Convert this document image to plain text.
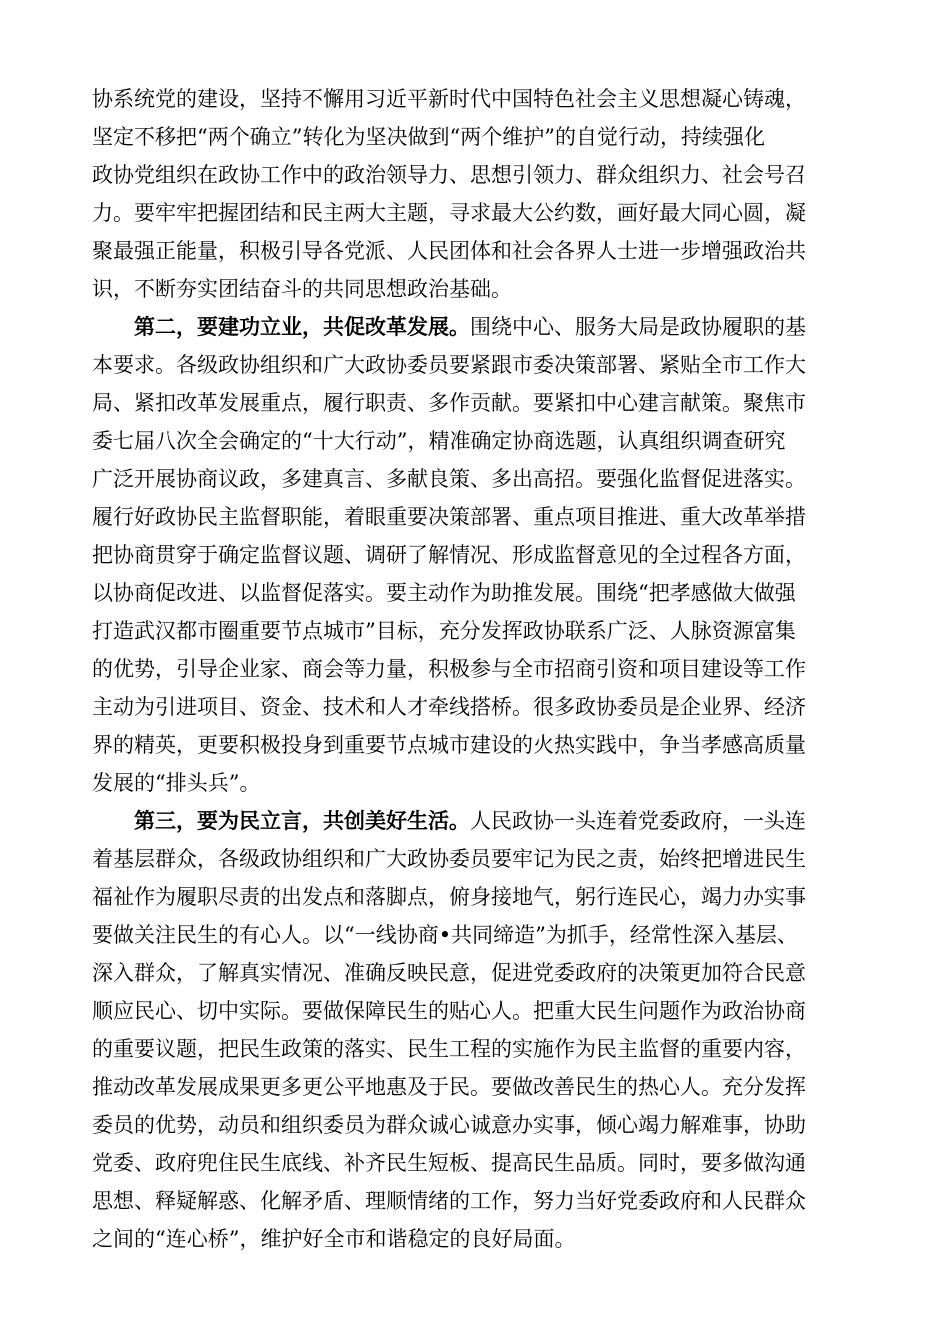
协系统党的建设，坚持不懈用习近平新时代中国特色社会主义思想凝心铸魂，
坚定不移把“两个确立”转化为坚决做到“两个维护”的自觉行动，持续强化
政协党组织在政协工作中的政治领导力、思想引领力、群众组织力、社会号召
力。要牢牢把握团结和民主两大主题，寻求最大公约数，画好最大同心圆，凝
聚最强正能量，积极引导各党派、人民团体和社会各界人士进一步增强政治共
识，不断夯实团结奋斗的共同思想政治基础。
第二，要建功立业，共促改革发展。围绕中心、服务大局是政协履职的基
本要求。各级政协组织和广大政协委员要紧跟市委决策部署、紧贴全市工作大
局、紧扣改革发展重点，履行职责、多作贡献。要紧扣中心建言献策。聚焦市
委七届八次全会确定的“十大行动”，精准确定协商选题，认真组织调查研究
广泛开展协商议政，多建真言、多献良策、多出高招。要强化监督促进落实。
履行好政协民主监督职能，着眼重要决策部署、重点项目推进、重大改革举措
把协商贯穿于确定监督议题、调研了解情况、形成监督意见的全过程各方面，
以协商促改进、以监督促落实。要主动作为助推发展。围绕“把孝感做大做强
打造武汉都市圈重要节点城市”目标，充分发挥政协联系广泛、人脉资源富集
的优势，引导企业家、商会等力量，积极参与全市招商引资和项目建设等工作
主动为引进项目、资金、技术和人才牵线搭桥。很多政协委员是企业界、经济
界的精英，更要积极投身到重要节点城市建设的火热实践中，争当孝感高质量
发展的“排头兵”。
第三，要为民立言，共创美好生活。人民政协一头连着党委政府，一头连
着基层群众，各级政协组织和广大政协委员要牢记为民之责，始终把增进民生
福祉作为履职尽责的出发点和落脚点，俯身接地气，躬行连民心，竭力办实事
要做关注民生的有心人。以“一线协商•共同缔造”为抓手，经常性深入基层、
深入群众，了解真实情况、准确反映民意，促进党委政府的决策更加符合民意
顺应民心、切中实际。要做保障民生的贴心人。把重大民生问题作为政治协商
的重要议题，把民生政策的落实、民生工程的实施作为民主监督的重要内容，
推动改革发展成果更多更公平地惠及于民。要做改善民生的热心人。充分发挥
委员的优势，动员和组织委员为群众诚心诚意办实事，倾心竭力解难事，协助
党委、政府兜住民生底线、补齐民生短板、提高民生品质。同时，要多做沟通
思想、释疑解惑、化解矛盾、理顺情绪的工作，努力当好党委政府和人民群众
之间的“连心桥”，维护好全市和谐稳定的良好局面。
